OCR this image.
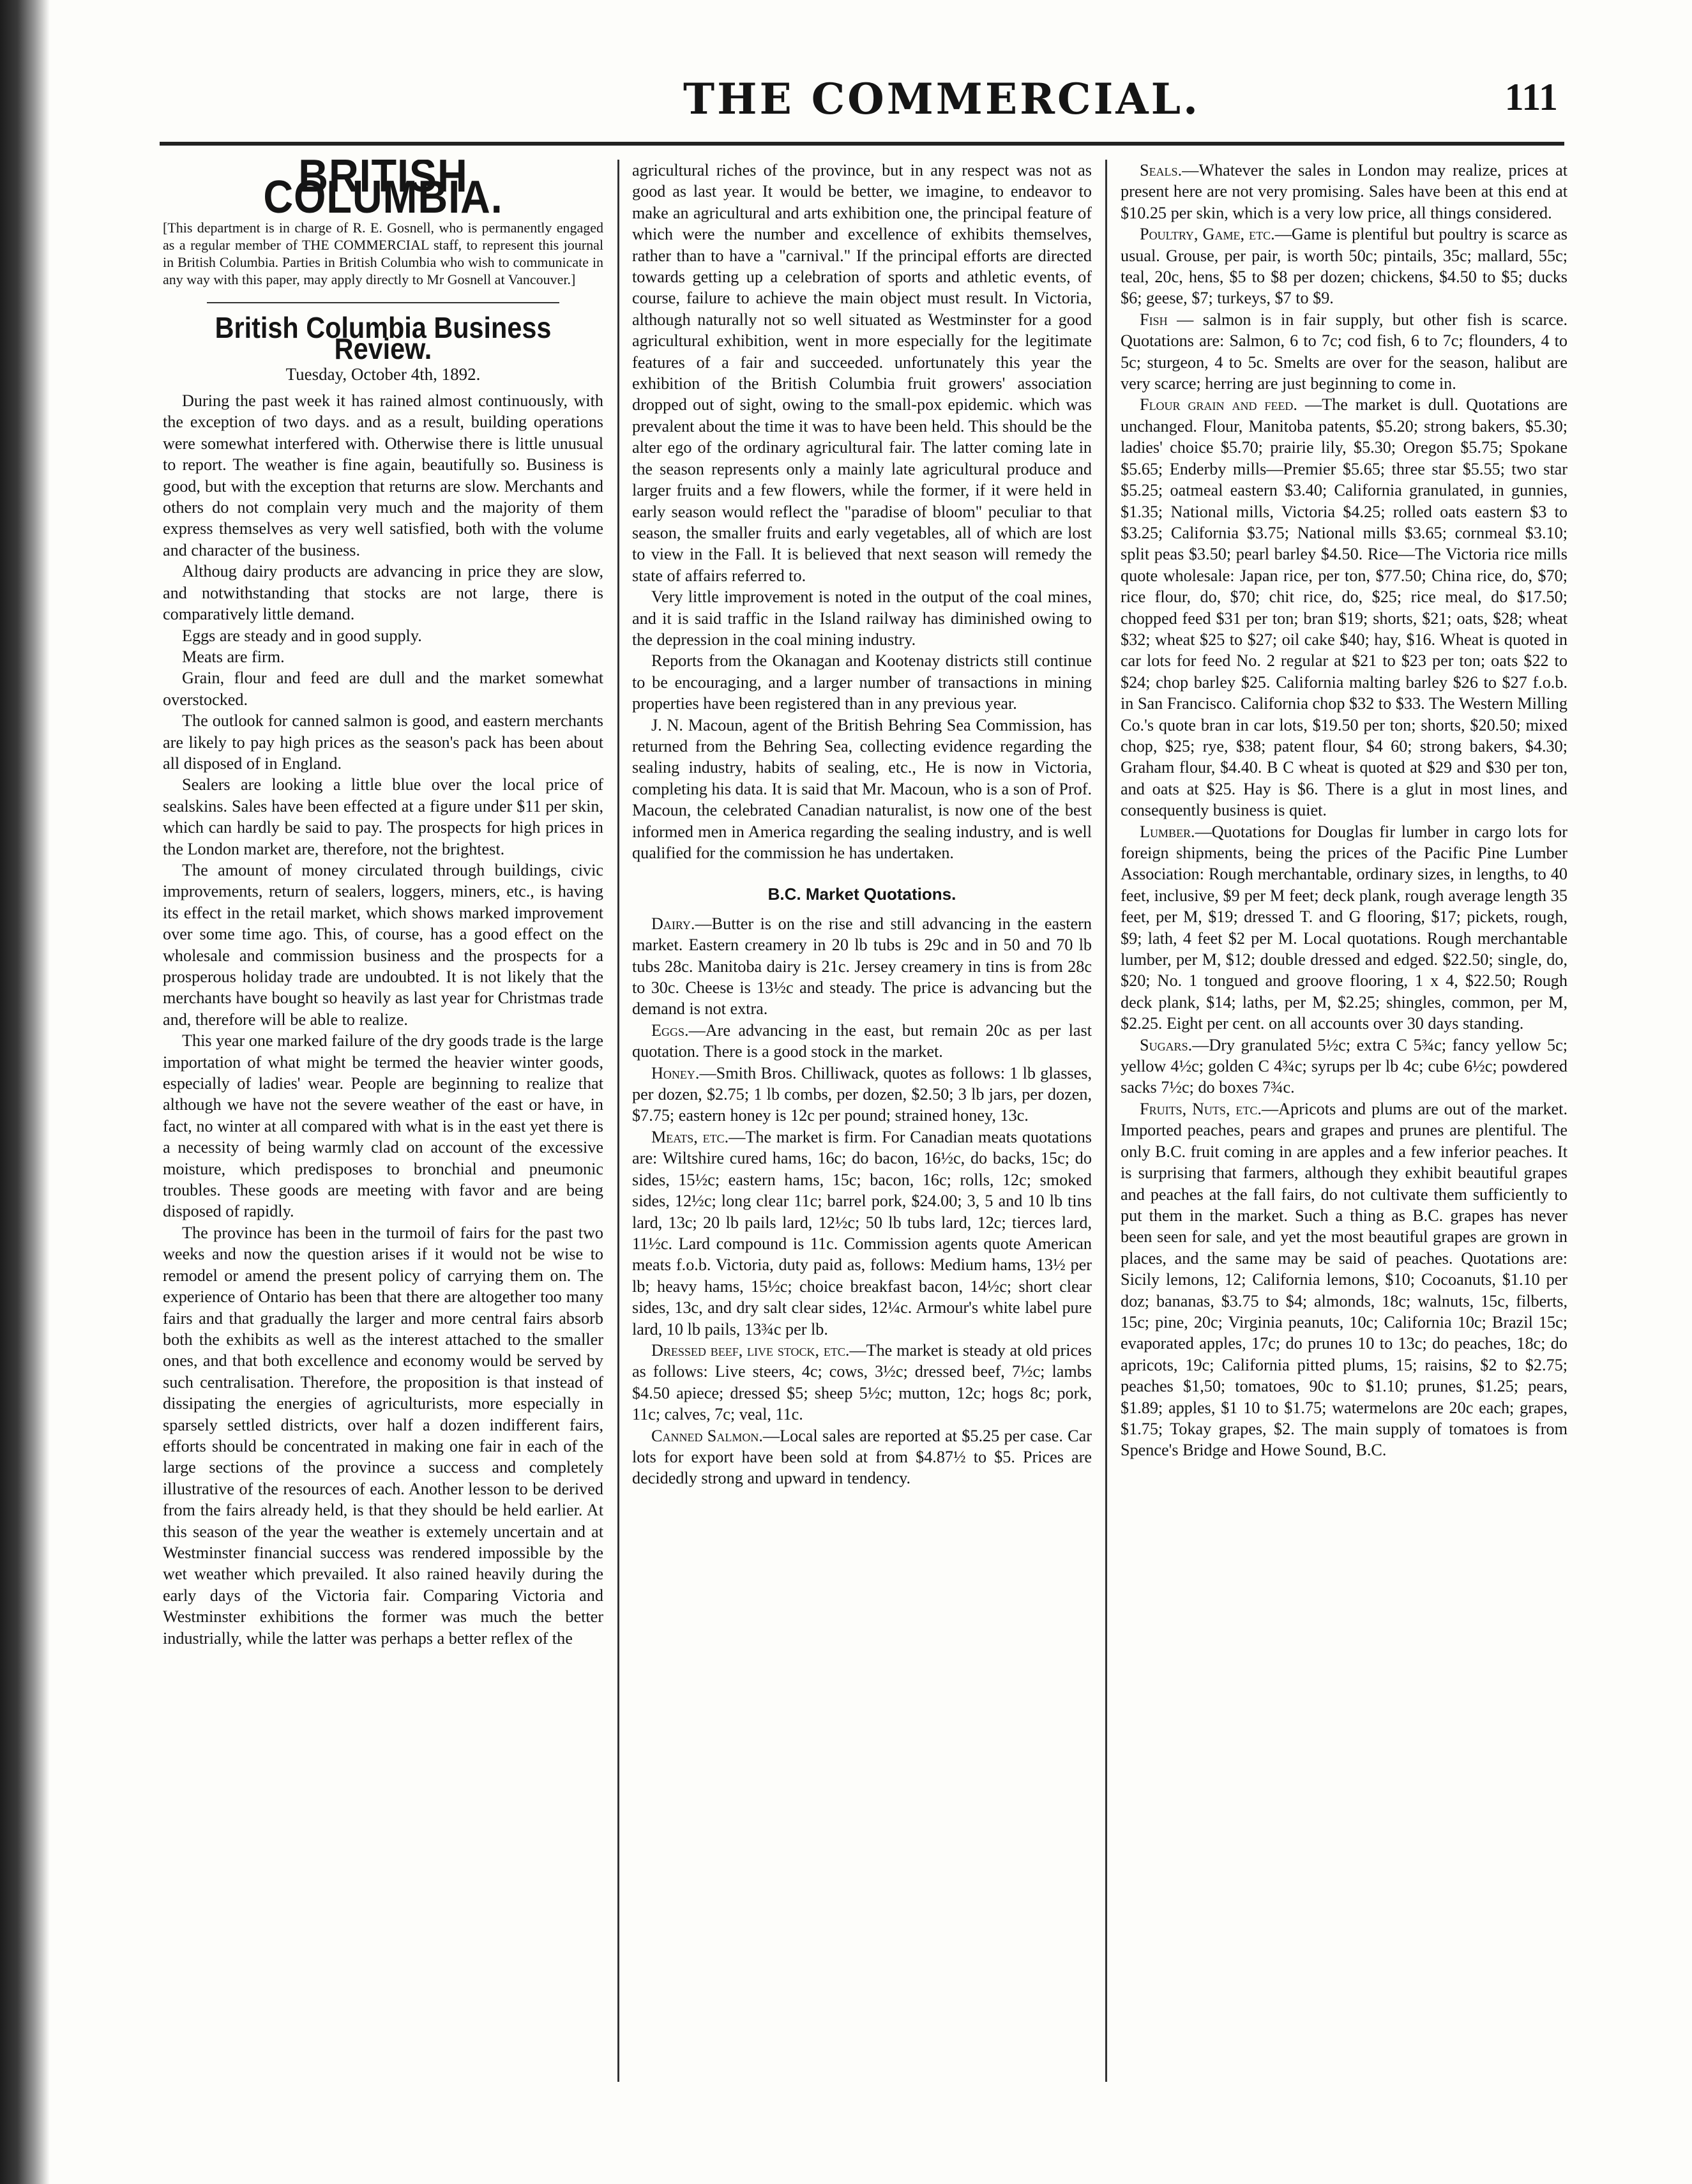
THE COMMERCIAL.	111
BRITISH COLUMBIA.
[This department is in charge of R. E. Gosnell, who is permanently engaged as a regular member of THE COMMERCIAL staff, to represent this journal in British Columbia. Parties in British Columbia who wish to communicate in any way with this paper, may apply directly to Mr Gosnell at Vancouver.]
British Columbia Business Review.
Tuesday, October 4th, 1892.

During the past week it has rained almost continuously, with the exception of two days. and as a result, building operations were somewhat interfered with. Otherwise there is little unusual to report. The weather is fine again, beautifully so. Business is good, but with the exception that returns are slow. Merchants and others do not complain very much and the majority of them express themselves as very well satisfied, both with the volume and character of the business.

Althoug dairy products are advancing in price they are slow, and notwithstanding that stocks are not large, there is comparatively little demand.

Eggs are steady and in good supply.

Meats are firm.

Grain, flour and feed are dull and the market somewhat overstocked.

The outlook for canned salmon is good, and eastern merchants are likely to pay high prices as the season's pack has been about all disposed of in England.

Sealers are looking a little blue over the local price of sealskins. Sales have been effected at a figure under $11 per skin, which can hardly be said to pay. The prospects for high prices in the London market are, therefore, not the brightest.

The amount of money circulated through buildings, civic improvements, return of sealers, loggers, miners, etc., is having its effect in the retail market, which shows marked improvement over some time ago. This, of course, has a good effect on the wholesale and commission business and the prospects for a prosperous holiday trade are undoubted. It is not likely that the merchants have bought so heavily as last year for Christmas trade and, therefore will be able to realize.

This year one marked failure of the dry goods trade is the large importation of what might be termed the heavier winter goods, especially of ladies' wear. People are beginning to realize that although we have not the severe weather of the east or have, in fact, no winter at all compared with what is in the east yet there is a necessity of being warmly clad on account of the excessive moisture, which predisposes to bronchial and pneumonic troubles. These goods are meeting with favor and are being disposed of rapidly.

The province has been in the turmoil of fairs for the past two weeks and now the question arises if it would not be wise to remodel or amend the present policy of carrying them on. The experience of Ontario has been that there are altogether too many fairs and that gradually the larger and more central fairs absorb both the exhibits as well as the interest attached to the smaller ones, and that both excellence and economy would be served by such centralisation. Therefore, the proposition is that instead of dissipating the energies of agriculturists, more especially in sparsely settled districts, over half a dozen indifferent fairs, efforts should be concentrated in making one fair in each of the large sections of the province a success and completely illustrative of the resources of each. Another lesson to be derived from the fairs already held, is that they should be held earlier. At this season of the year the weather is extemely uncertain and at Westminster financial success was rendered impossible by the wet weather which prevailed. It also rained heavily during the early days of the Victoria fair. Comparing Victoria and Westminster exhibitions the former was much the better industrially, while the latter was perhaps a better reflex of the

agricultural riches of the province, but in any respect was not as good as last year. It would be better, we imagine, to endeavor to make an agricultural and arts exhibition one, the principal feature of which were the number and excellence of exhibits themselves, rather than to have a "carnival." If the principal efforts are directed towards getting up a celebration of sports and athletic events, of course, failure to achieve the main object must result. In Victoria, although naturally not so well situated as Westminster for a good agricultural exhibition, went in more especially for the legitimate features of a fair and succeeded. unfortunately this year the exhibition of the British Columbia fruit growers' association dropped out of sight, owing to the small-pox epidemic. which was prevalent about the time it was to have been held. This should be the alter ego of the ordinary agricultural fair. The latter coming late in the season represents only a mainly late agricultural produce and larger fruits and a few flowers, while the former, if it were held in early season would reflect the "paradise of bloom" peculiar to that season, the smaller fruits and early vegetables, all of which are lost to view in the Fall. It is believed that next season will remedy the state of affairs referred to.

Very little improvement is noted in the output of the coal mines, and it is said traffic in the Island railway has diminished owing to the depression in the coal mining industry.

Reports from the Okanagan and Kootenay districts still continue to be encouraging, and a larger number of transactions in mining properties have been registered than in any previous year.

J. N. Macoun, agent of the British Behring Sea Commission, has returned from the Behring Sea, collecting evidence regarding the sealing industry, habits of sealing, etc., He is now in Victoria, completing his data. It is said that Mr. Macoun, who is a son of Prof. Macoun, the celebrated Canadian naturalist, is now one of the best informed men in America regarding the sealing industry, and is well qualified for the commission he has undertaken.

B.C. Market Quotations.

Dairy.—Butter is on the rise and still advancing in the eastern market. Eastern creamery in 20 lb tubs is 29c and in 50 and 70 lb tubs 28c. Manitoba dairy is 21c. Jersey creamery in tins is from 28c to 30c. Cheese is 13½c and steady. The price is advancing but the demand is not extra.

Eggs.—Are advancing in the east, but remain 20c as per last quotation. There is a good stock in the market.

Honey.—Smith Bros. Chilliwack, quotes as follows: 1 lb glasses, per dozen, $2.75; 1 lb combs, per dozen, $2.50; 3 lb jars, per dozen, $7.75; eastern honey is 12c per pound; strained honey, 13c.

Meats, etc.—The market is firm. For Canadian meats quotations are: Wiltshire cured hams, 16c; do bacon, 16½c, do backs, 15c; do sides, 15½c; eastern hams, 15c; bacon, 16c; rolls, 12c; smoked sides, 12½c; long clear 11c; barrel pork, $24.00; 3, 5 and 10 lb tins lard, 13c; 20 lb pails lard, 12½c; 50 lb tubs lard, 12c; tierces lard, 11½c. Lard compound is 11c. Commission agents quote American meats f.o.b. Victoria, duty paid as, follows: Medium hams, 13½ per lb; heavy hams, 15½c; choice breakfast bacon, 14½c; short clear sides, 13c, and dry salt clear sides, 12¼c. Armour's white label pure lard, 10 lb pails, 13¾c per lb.

Dressed beef, live stock, etc.—The market is steady at old prices as follows: Live steers, 4c; cows, 3½c; dressed beef, 7½c; lambs $4.50 apiece; dressed $5; sheep 5½c; mutton, 12c; hogs 8c; pork, 11c; calves, 7c; veal, 11c.

Canned Salmon.—Local sales are reported at $5.25 per case. Car lots for export have been sold at from $4.87½ to $5. Prices are decidedly strong and upward in tendency.

Seals.—Whatever the sales in London may realize, prices at present here are not very promising. Sales have been at this end at $10.25 per skin, which is a very low price, all things considered.

Poultry, Game, etc.—Game is plentiful but poultry is scarce as usual. Grouse, per pair, is worth 50c; pintails, 35c; mallard, 55c; teal, 20c, hens, $5 to $8 per dozen; chickens, $4.50 to $5; ducks $6; geese, $7; turkeys, $7 to $9.

Fish — salmon is in fair supply, but other fish is scarce. Quotations are: Salmon, 6 to 7c; cod fish, 6 to 7c; flounders, 4 to 5c; sturgeon, 4 to 5c. Smelts are over for the season, halibut are very scarce; herring are just beginning to come in.

Flour grain and feed. —The market is dull. Quotations are unchanged. Flour, Manitoba patents, $5.20; strong bakers, $5.30; ladies' choice $5.70; prairie lily, $5.30; Oregon $5.75; Spokane $5.65; Enderby mills—Premier $5.65; three star $5.55; two star $5.25; oatmeal eastern $3.40; California granulated, in gunnies, $1.35; National mills, Victoria $4.25; rolled oats eastern $3 to $3.25; California $3.75; National mills $3.65; cornmeal $3.10; split peas $3.50; pearl barley $4.50. Rice—The Victoria rice mills quote wholesale: Japan rice, per ton, $77.50; China rice, do, $70; rice flour, do, $70; chit rice, do, $25; rice meal, do $17.50; chopped feed $31 per ton; bran $19; shorts, $21; oats, $28; wheat $32; wheat $25 to $27; oil cake $40; hay, $16. Wheat is quoted in car lots for feed No. 2 regular at $21 to $23 per ton; oats $22 to $24; chop barley $25. California malting barley $26 to $27 f.o.b. in San Francisco. California chop $32 to $33. The Western Milling Co.'s quote bran in car lots, $19.50 per ton; shorts, $20.50; mixed chop, $25; rye, $38; patent flour, $4 60; strong bakers, $4.30; Graham flour, $4.40. B C wheat is quoted at $29 and $30 per ton, and oats at $25. Hay is $6. There is a glut in most lines, and consequently business is quiet.

Lumber.—Quotations for Douglas fir lumber in cargo lots for foreign shipments, being the prices of the Pacific Pine Lumber Association: Rough merchantable, ordinary sizes, in lengths, to 40 feet, inclusive, $9 per M feet; deck plank, rough average length 35 feet, per M, $19; dressed T. and G flooring, $17; pickets, rough, $9; lath, 4 feet $2 per M. Local quotations. Rough merchantable lumber, per M, $12; double dressed and edged. $22.50; single, do, $20; No. 1 tongued and groove flooring, 1 x 4, $22.50; Rough deck plank, $14; laths, per M, $2.25; shingles, common, per M, $2.25. Eight per cent. on all accounts over 30 days standing.

Sugars.—Dry granulated 5½c; extra C 5¾c; fancy yellow 5c; yellow 4½c; golden C 4¾c; syrups per lb 4c; cube 6½c; powdered sacks 7½c; do boxes 7¾c.

Fruits, Nuts, etc.—Apricots and plums are out of the market. Imported peaches, pears and grapes and prunes are plentiful. The only B.C. fruit coming in are apples and a few inferior peaches. It is surprising that farmers, although they exhibit beautiful grapes and peaches at the fall fairs, do not cultivate them sufficiently to put them in the market. Such a thing as B.C. grapes has never been seen for sale, and yet the most beautiful grapes are grown in places, and the same may be said of peaches. Quotations are: Sicily lemons, 12; California lemons, $10; Cocoanuts, $1.10 per doz; bananas, $3.75 to $4; almonds, 18c; walnuts, 15c, filberts, 15c; pine, 20c; Virginia peanuts, 10c; California 10c; Brazil 15c; evaporated apples, 17c; do prunes 10 to 13c; do peaches, 18c; do apricots, 19c; California pitted plums, 15; raisins, $2 to $2.75; peaches $1,50; tomatoes, 90c to $1.10; prunes, $1.25; pears, $1.89; apples, $1 10 to $1.75; watermelons are 20c each; grapes, $1.75; Tokay grapes, $2. The main supply of tomatoes is from Spence's Bridge and Howe Sound, B.C.
